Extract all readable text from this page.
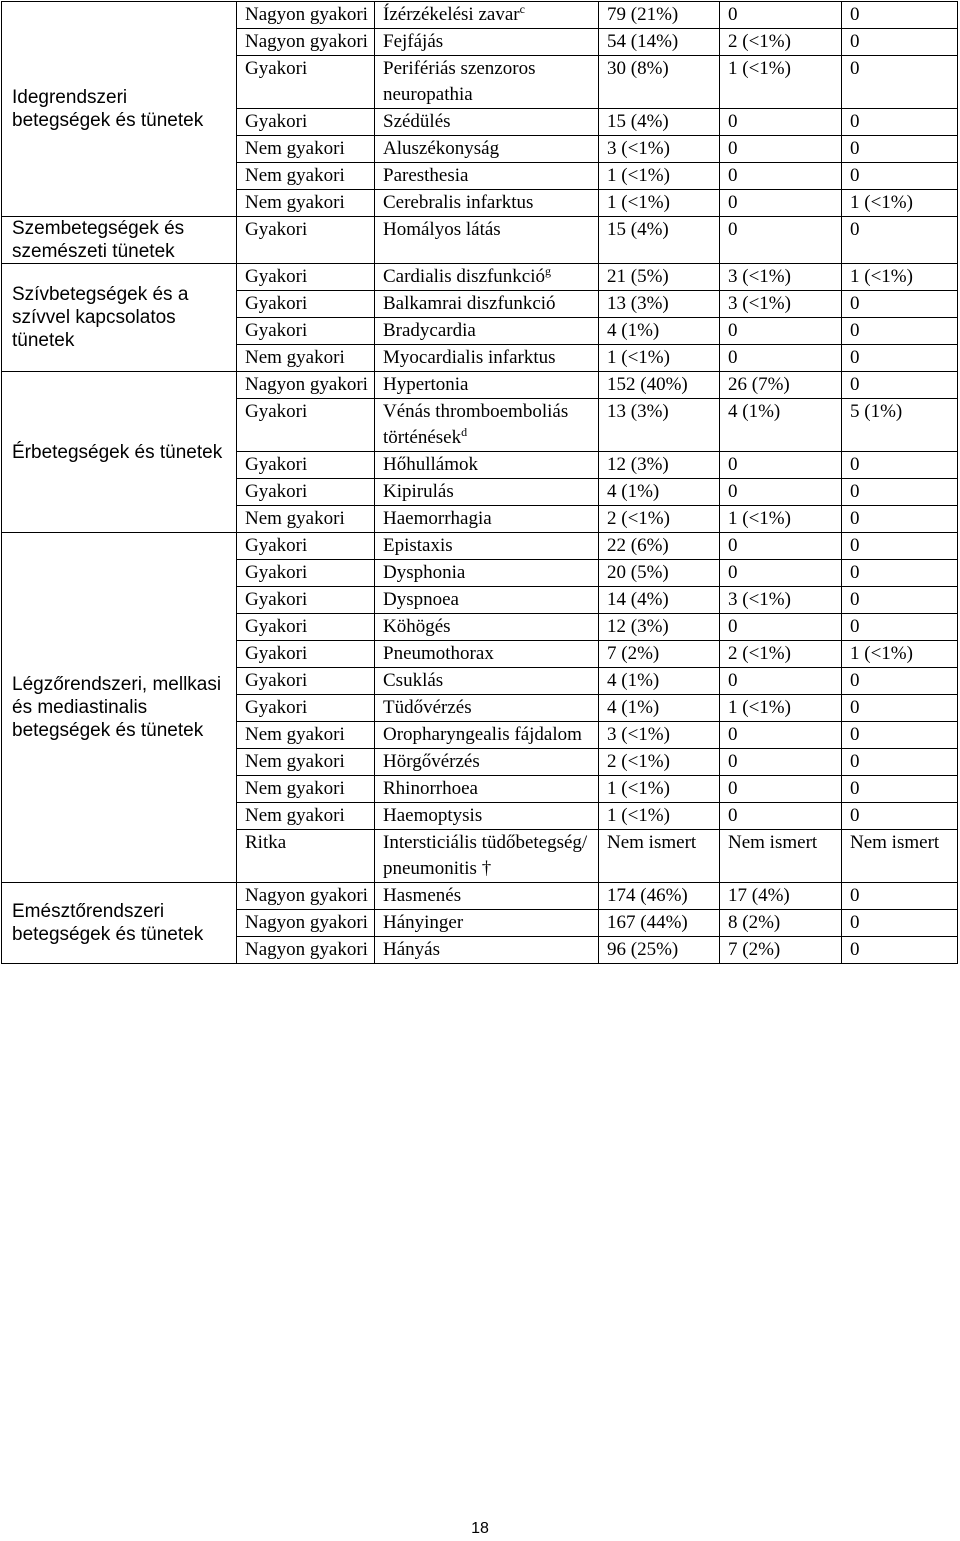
Idegrendszeri betegségek és tünetek	Nagyon gyakori	Ízérzékelési zavar$^c$	79 (21%)	0	0
	Nagyon gyakori	Fejfájás	54 (14%)	2 (<1%)	0
	Gyakori	Perifériás szenzoros neuropathia	30 (8%)	1 (<1%)	0
	Gyakori	Szédülés	15 (4%)	0	0
	Nem gyakori	Aluszékonyság	3 (<1%)	0	0
	Nem gyakori	Paresthesia	1 (<1%)	0	0
	Nem gyakori	Cerebralis infarktus	1 (<1%)	0	1 (<1%)
Szembetegségek és szemészeti tünetek	Gyakori	Homályos látás	15 (4%)	0	0
Szívbetegségek és a szívvel kapcsolatos tünetek	Gyakori	Cardialis diszfunkció$^g$	21 (5%)	3 (<1%)	1 (<1%)
	Gyakori	Balkamrai diszfunkció	13 (3%)	3 (<1%)	0
	Gyakori	Bradycardia	4 (1%)	0	0
	Nem gyakori	Myocardialis infarktus	1 (<1%)	0	0
Érbetegségek és tünetek	Nagyon gyakori	Hypertonia	152 (40%)	26 (7%)	0
	Gyakori	Vénás thromboemboliás történések$^d$	13 (3%)	4 (1%)	5 (1%)
	Gyakori	Hőhullámok	12 (3%)	0	0
	Gyakori	Kipirulás	4 (1%)	0	0
	Nem gyakori	Haemorrhagia	2 (<1%)	1 (<1%)	0
Légzőrendszeri, mellkasi és mediastinalis betegségek és tünetek	Gyakori	Epistaxis	22 (6%)	0	0
	Gyakori	Dysphonia	20 (5%)	0	0
	Gyakori	Dyspnoea	14 (4%)	3 (<1%)	0
	Gyakori	Köhögés	12 (3%)	0	0
	Gyakori	Pneumothorax	7 (2%)	2 (<1%)	1 (<1%)
	Gyakori	Csuklás	4 (1%)	0	0
	Gyakori	Tüdővérzés	4 (1%)	1 (<1%)	0
	Nem gyakori	Oropharyngealis fájdalom	3 (<1%)	0	0
	Nem gyakori	Hörgővérzés	2 (<1%)	0	0
	Nem gyakori	Rhinorrhoea	1 (<1%)	0	0
	Nem gyakori	Haemoptysis	1 (<1%)	0	0
	Ritka	Intersticiális tüdőbetegség/ pneumonitis †	Nem ismert	Nem ismert	Nem ismert
Emésztőrendszeri betegségek és tünetek	Nagyon gyakori	Hasmenés	174 (46%)	17 (4%)	0
	Nagyon gyakori	Hányinger	167 (44%)	8 (2%)	0
	Nagyon gyakori	Hányás	96 (25%)	7 (2%)	0
18
